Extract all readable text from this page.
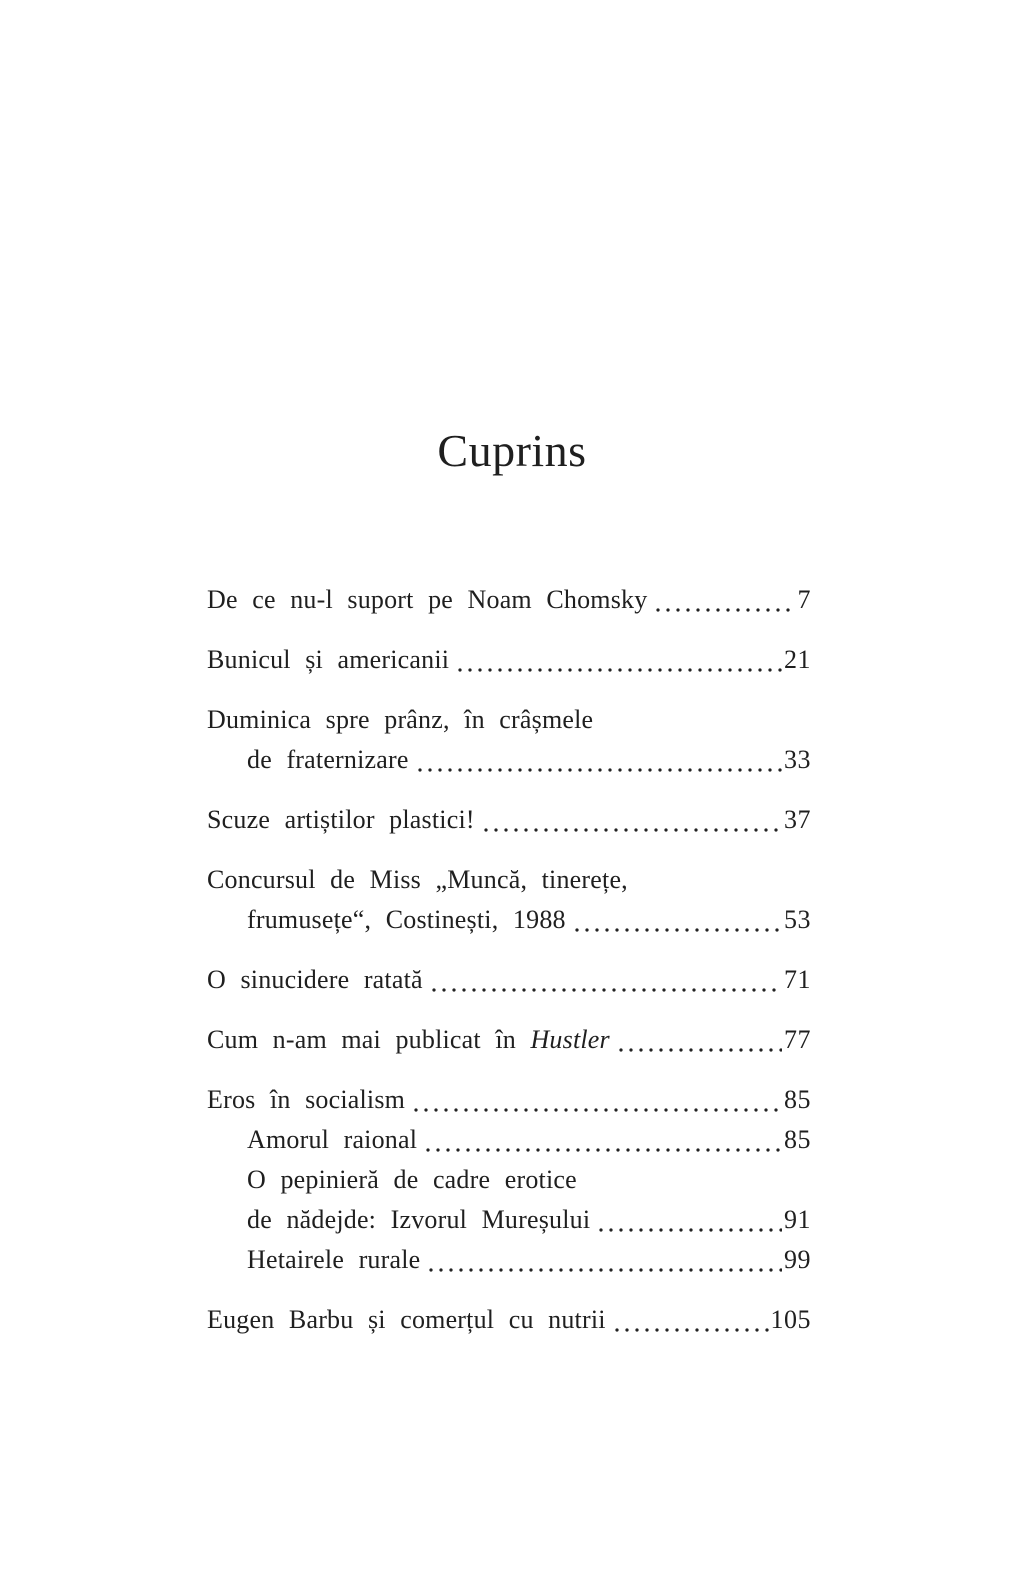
Cuprins
De ce nu-l suport pe Noam Chomsky	7
Bunicul și americanii	21
Duminica spre prânz, în crâșmele
de fraternizare	33
Scuze artiștilor plastici!	37
Concursul de Miss „Muncă, tinerețe,
frumusețe“, Costinești, 1988	53
O sinucidere ratată	71
Cum n-am mai publicat în Hustler	77
Eros în socialism	85
Amorul raional	85
O pepinieră de cadre erotice
de nădejde: Izvorul Mureșului	91
Hetairele rurale	99
Eugen Barbu și comerțul cu nutrii	105
